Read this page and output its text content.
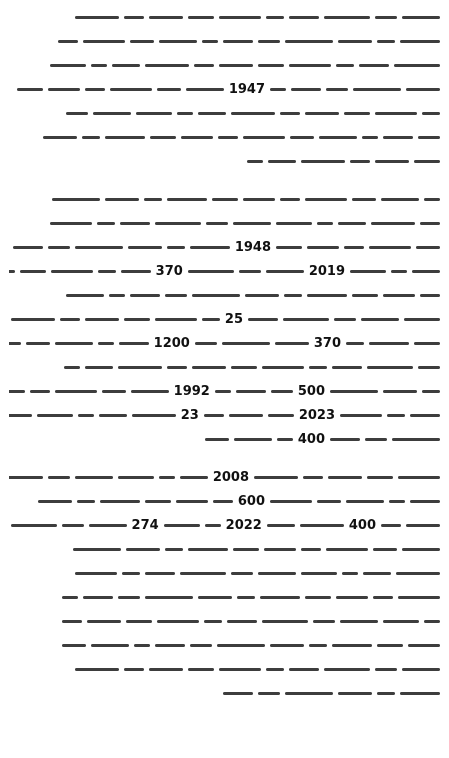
1947
1948
2019
370
25
370
1200
500
1992
2023
23
400
2008
600
400
2022
274
